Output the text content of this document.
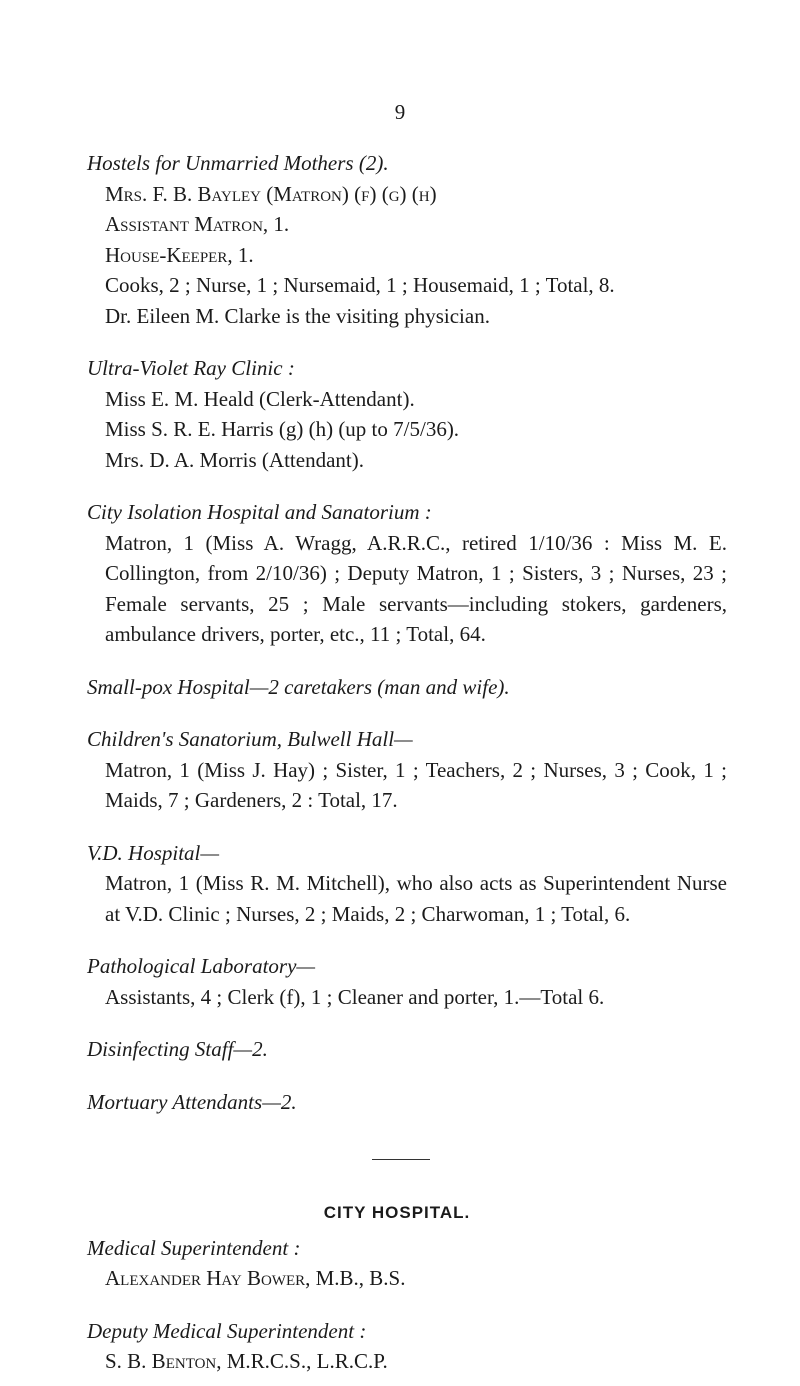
9

Hostels for Unmarried Mothers (2).

Mrs. F. B. Bayley (Matron) (f) (g) (h)

Assistant Matron, 1.

House-Keeper, 1.

Cooks, 2 ; Nurse, 1 ; Nursemaid, 1 ; Housemaid, 1 ; Total, 8.

Dr. Eileen M. Clarke is the visiting physician.

Ultra-Violet Ray Clinic :

Miss E. M. Heald (Clerk-Attendant).

Miss S. R. E. Harris (g) (h) (up to 7/5/36).

Mrs. D. A. Morris (Attendant).

City Isolation Hospital and Sanatorium :

Matron, 1 (Miss A. Wragg, A.R.R.C., retired 1/10/36 : Miss M. E. Collington, from 2/10/36) ; Deputy Matron, 1 ; Sisters, 3 ; Nurses, 23 ; Female servants, 25 ; Male servants—including stokers, gardeners, ambulance drivers, porter, etc., 11 ; Total, 64.

Small-pox Hospital—2 caretakers (man and wife).

Children's Sanatorium, Bulwell Hall—

Matron, 1 (Miss J. Hay) ; Sister, 1 ; Teachers, 2 ; Nurses, 3 ; Cook, 1 ; Maids, 7 ; Gardeners, 2 : Total, 17.

V.D. Hospital—

Matron, 1 (Miss R. M. Mitchell), who also acts as Superintendent Nurse at V.D. Clinic ; Nurses, 2 ; Maids, 2 ; Charwoman, 1 ; Total, 6.

Pathological Laboratory—

Assistants, 4 ; Clerk (f), 1 ; Cleaner and porter, 1.—Total 6.

Disinfecting Staff—2.

Mortuary Attendants—2.

CITY HOSPITAL.

Medical Superintendent :

Alexander Hay Bower, M.B., B.S.

Deputy Medical Superintendent :

S. B. Benton, M.R.C.S., L.R.C.P.
